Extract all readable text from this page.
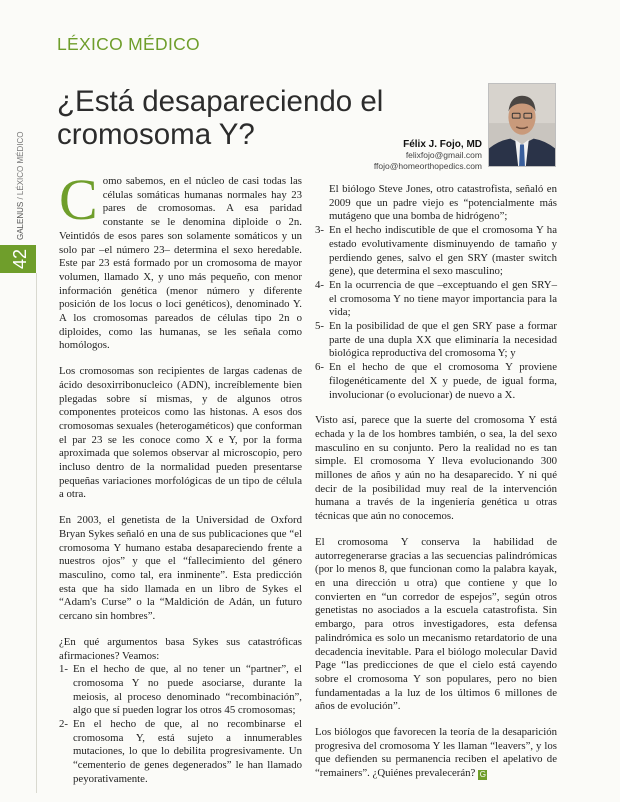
LÉXICO MÉDICO
GALENUS / LÉXICO MÉDICO
42
¿Está desapareciendo el cromosoma Y?	Félix J. Fojo, MD
felixfojo@gmail.com
ffojo@homeorthopedics.com

C omo sabemos, en el núcleo de casi todas las células somáticas humanas normales hay 23 pares de cromosomas. A esa paridad constante se le denomina diploide o 2n. Veintidós de esos pares son solamente somáticos y un solo par –el número 23– determina el sexo heredable. Este par 23 está formado por un cromosoma de mayor volumen, llamado X, y uno más pequeño, con menor información genética (menor número y diferente posición de los locus o loci genéticos), denominado Y. A los cromosomas pareados de células tipo 2n o diploides, como las humanas, se les señala como homólogos.

Los cromosomas son recipientes de largas cadenas de ácido desoxirribonucleico (ADN), increíblemente bien plegadas sobre sí mismas, y de algunos otros componentes proteicos como las histonas. A esos dos cromosomas sexuales (heterogaméticos) que conforman el par 23 se les conoce como X e Y, por la forma aproximada que solemos observar al microscopio, pero incluso dentro de la normalidad pueden presentarse pequeñas variaciones morfológicas de un tipo de célula a otra.

En 2003, el genetista de la Universidad de Oxford Bryan Sykes señaló en una de sus publicaciones que “el cromosoma Y humano estaba desapareciendo frente a nuestros ojos” y que el “fallecimiento del género masculino, como tal, era inminente”. Esta predicción esta que ha sido llamada en un libro de Sykes el “Adam's Curse” o la “Maldición de Adán, un futuro cercano sin hombres”.

¿En qué argumentos basa Sykes sus catastróficas afirmaciones? Veamos:

1- En el hecho de que, al no tener un “partner”, el cromosoma Y no puede asociarse, durante la meiosis, al proceso denominado “recombinación”, algo que sí pueden lograr los otros 45 cromosomas;
2- En el hecho de que, al no recombinarse el cromosoma Y, está sujeto a innumerables mutaciones, lo que lo debilita progresivamente. Un “cementerio de genes degenerados” le han llamado peyorativamente.
El biólogo Steve Jones, otro catastrofista, señaló en 2009 que un padre viejo es “potencialmente más mutágeno que una bomba de hidrógeno”;
3- En el hecho indiscutible de que el cromosoma Y ha estado evolutivamente disminuyendo de tamaño y perdiendo genes, salvo el gen SRY (master switch gene), que determina el sexo masculino;
4- En la ocurrencia de que –exceptuando el gen SRY– el cromosoma Y no tiene mayor importancia para la vida;
5- En la posibilidad de que el gen SRY pase a formar parte de una dupla XX que eliminaría la necesidad biológica reproductiva del cromosoma Y; y
6- En el hecho de que el cromosoma Y proviene filogenéticamente del X y puede, de igual forma, involucionar (o evolucionar) de nuevo a X.

Visto así, parece que la suerte del cromosoma Y está echada y la de los hombres también, o sea, la del sexo masculino en su conjunto. Pero la realidad no es tan simple. El cromosoma Y lleva evolucionando 300 millones de años y aún no ha desaparecido. Y ni qué decir de la posibilidad muy real de la intervención humana a través de la ingeniería genética u otras técnicas que aún no conocemos.

El cromosoma Y conserva la habilidad de autorregenerarse gracias a las secuencias palindrómicas (por lo menos 8, que funcionan como la palabra kayak, en una dirección u otra) que contiene y que lo convierten en “un corredor de espejos”, según otros genetistas no asociados a la escuela catastrofista. Sin embargo, para otros investigadores, esta defensa palindrómica es solo un mecanismo retardatorio de una decadencia inevitable. Para el biólogo molecular David Page “las predicciones de que el cielo está cayendo sobre el cromosoma Y son populares, pero no bien fundamentadas a la luz de los últimos 6 millones de años de evolución”.

Los biólogos que favorecen la teoría de la desaparición progresiva del cromosoma Y les llaman “leavers”, y los que defienden su permanencia reciben el apelativo de “remainers”. ¿Quiénes prevalecerán? G
